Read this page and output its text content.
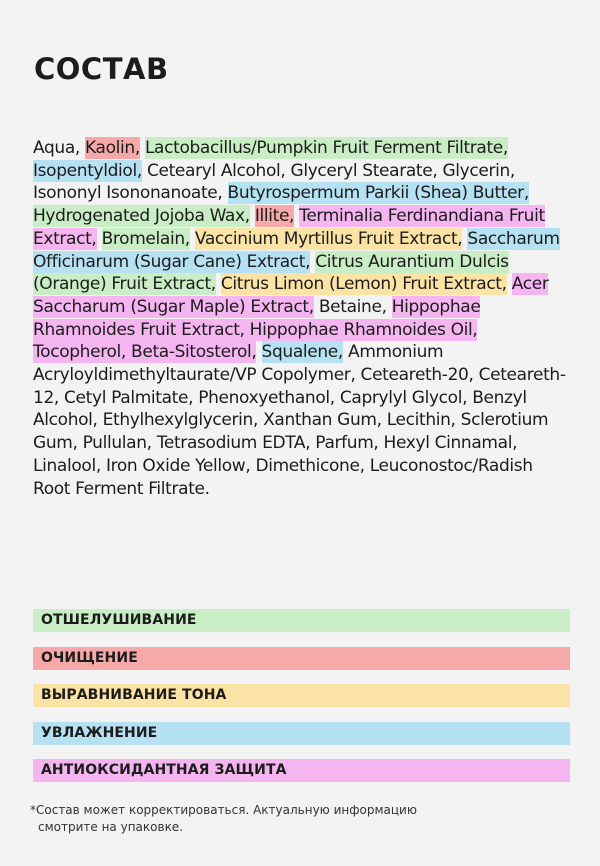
СОСТАВ
Aqua, Kaolin, Lactobacillus/Pumpkin Fruit Ferment Filtrate, Isopentyldiol, Cetearyl Alcohol, Glyceryl Stearate, Glycerin, Isononyl Isononanoate, Butyrospermum Parkii (Shea) Butter, Hydrogenated Jojoba Wax, Illite, Terminalia Ferdinandiana Fruit Extract, Bromelain, Vaccinium Myrtillus Fruit Extract, Saccharum Officinarum (Sugar Cane) Extract, Citrus Aurantium Dulcis (Orange) Fruit Extract, Citrus Limon (Lemon) Fruit Extract, Acer Saccharum (Sugar Maple) Extract, Betaine, Hippophae Rhamnoides Fruit Extract, Hippophae Rhamnoides Oil, Tocopherol, Beta-Sitosterol, Squalene, Ammonium Acryloyldimethyltaurate/VP Copolymer, Ceteareth-20, Ceteareth-12, Cetyl Palmitate, Phenoxyethanol, Caprylyl Glycol, Benzyl Alcohol, Ethylhexylglycerin, Xanthan Gum, Lecithin, Sclerotium Gum, Pullulan, Tetrasodium EDTA, Parfum, Hexyl Cinnamal, Linalool, Iron Oxide Yellow, Dimethicone, Leuconostoc/Radish Root Ferment Filtrate.
ОТШЕЛУШИВАНИЕ
ОЧИЩЕНИЕ
ВЫРАВНИВАНИЕ ТОНА
УВЛАЖНЕНИЕ
АНТИОКСИДАНТНАЯ ЗАЩИТА
*Состав может корректироваться. Актуальную информацию
смотрите на упаковке.
